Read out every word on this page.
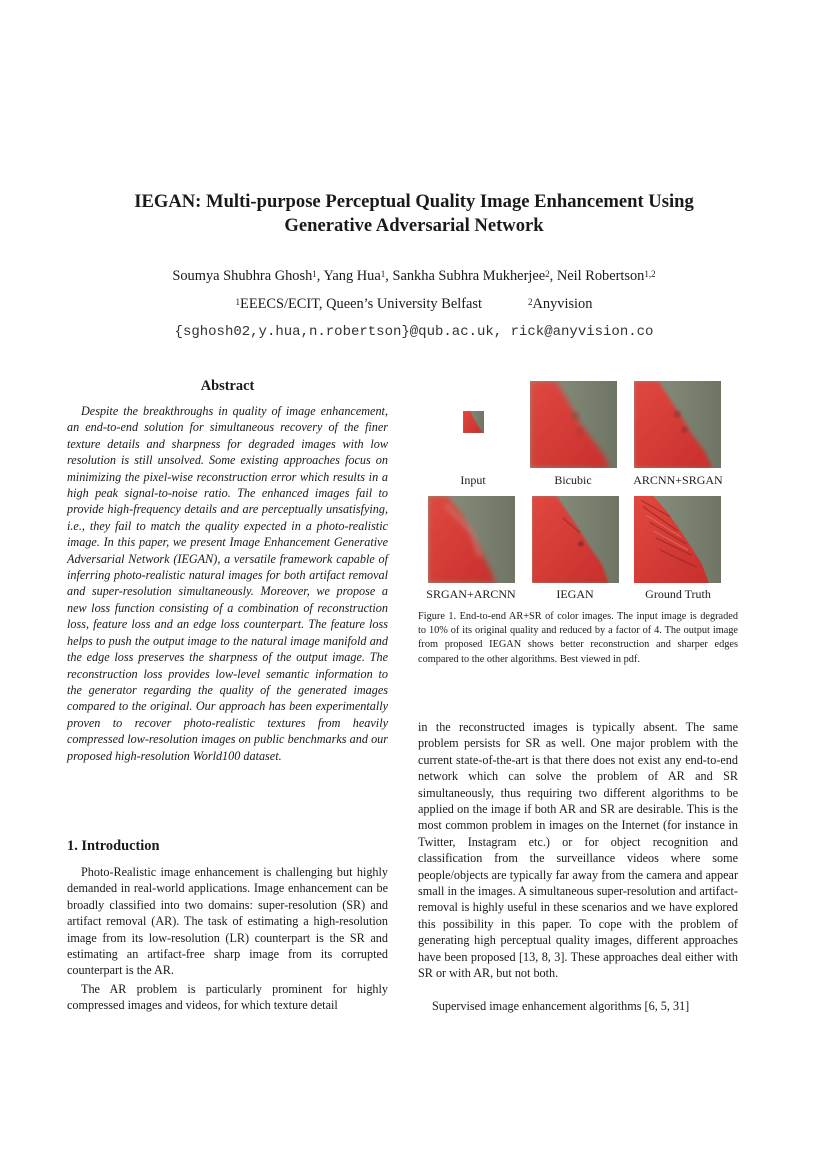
IEGAN: Multi-purpose Perceptual Quality Image Enhancement Using
Generative Adversarial Network
Soumya Shubhra Ghosh$^1$, Yang Hua$^1$, Sankha Subhra Mukherjee$^2$, Neil Robertson$^{1,2}$
$^1$EEECS/ECIT, Queen’s University Belfast	$^2$Anyvision
{sghosh02,y.hua,n.robertson}@qub.ac.uk, rick@anyvision.co
Abstract

Despite the breakthroughs in quality of image enhancement, an end-to-end solution for simultaneous recovery of the finer texture details and sharpness for degraded images with low resolution is still unsolved. Some existing approaches focus on minimizing the pixel-wise reconstruction error which results in a high peak signal-to-noise ratio. The enhanced images fail to provide high-frequency details and are perceptually unsatisfying, i.e., they fail to match the quality expected in a photo-realistic image. In this paper, we present Image Enhancement Generative Adversarial Network (IEGAN), a versatile framework capable of inferring photo-realistic natural images for both artifact removal and super-resolution simultaneously. Moreover, we propose a new loss function consisting of a combination of reconstruction loss, feature loss and an edge loss counterpart. The feature loss helps to push the output image to the natural image manifold and the edge loss preserves the sharpness of the output image. The reconstruction loss provides low-level semantic information to the generator regarding the quality of the generated images compared to the original. Our approach has been experimentally proven to recover photo-realistic textures from heavily compressed low-resolution images on public benchmarks and our proposed high-resolution World100 dataset.

1. Introduction

Photo-Realistic image enhancement is challenging but highly demanded in real-world applications. Image enhancement can be broadly classified into two domains: super-resolution (SR) and artifact removal (AR). The task of estimating a high-resolution image from its low-resolution (LR) counterpart is the SR and estimating an artifact-free sharp image from its corrupted counterpart is the AR.

The AR problem is particularly prominent for highly compressed images and videos, for which texture detail

Input	Bicubic	ARCNN+SRGAN
SRGAN+ARCNN	IEGAN	Ground Truth

Figure 1. End-to-end AR+SR of color images. The input image is degraded to 10% of its original quality and reduced by a factor of 4. The output image from proposed IEGAN shows better reconstruction and sharper edges compared to the other algorithms. Best viewed in pdf.

in the reconstructed images is typically absent. The same problem persists for SR as well. One major problem with the current state-of-the-art is that there does not exist any end-to-end network which can solve the problem of AR and SR simultaneously, thus requiring two different algorithms to be applied on the image if both AR and SR are desirable. This is the most common problem in images on the Internet (for instance in Twitter, Instagram etc.) or for object recognition and classification from the surveillance videos where some people/objects are typically far away from the camera and appear small in the images. A simultaneous super-resolution and artifact-removal is highly useful in these scenarios and we have explored this possibility in this paper. To cope with the problem of generating high perceptual quality images, different approaches have been proposed [13, 8, 3]. These approaches deal either with SR or with AR, but not both.

Supervised image enhancement algorithms [6, 5, 31]
